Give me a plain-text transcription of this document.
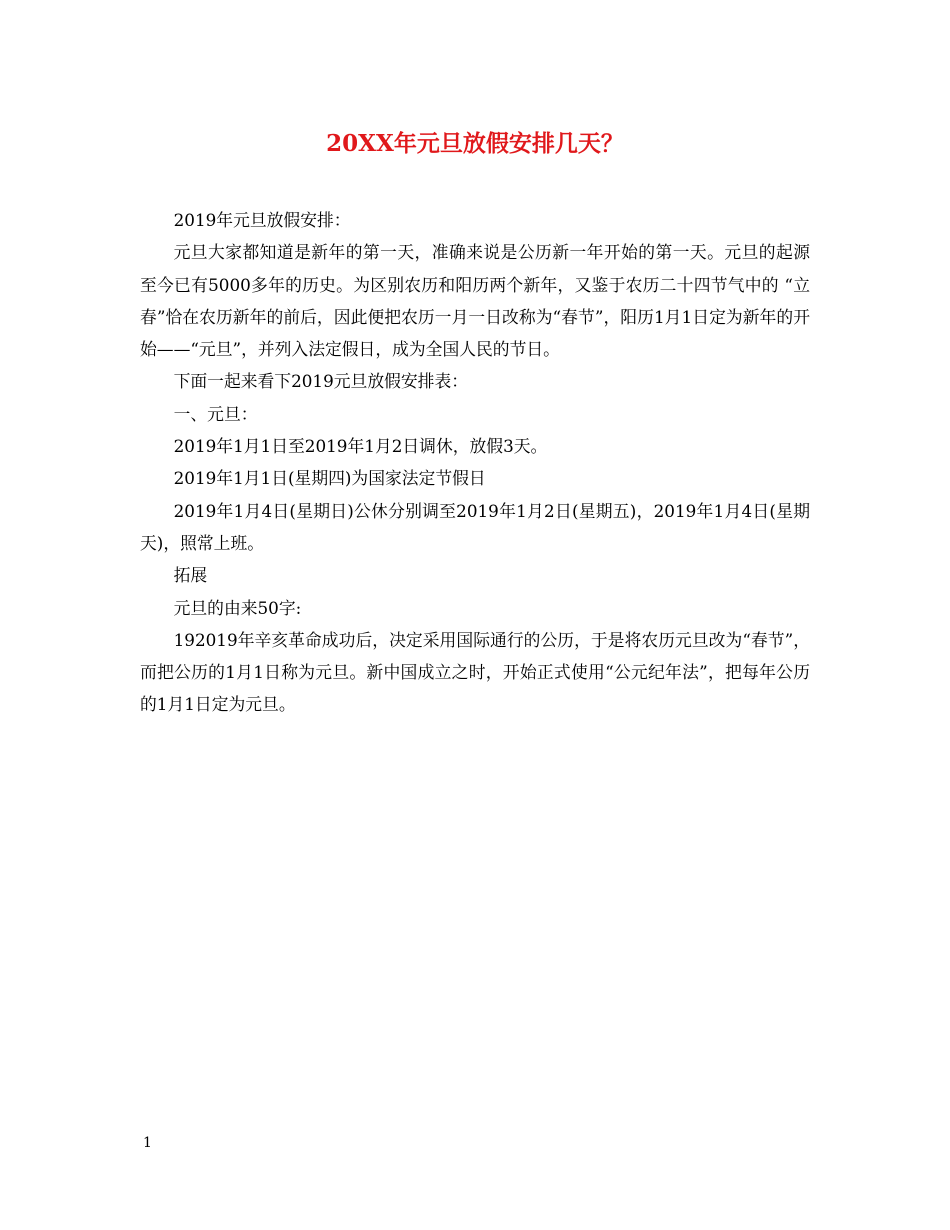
20XX年元旦放假安排几天？

2019年元旦放假安排：

元旦大家都知道是新年的第一天，准确来说是公历新一年开始的第一天。元旦的起源至今已有5000多年的历史。为区别农历和阳历两个新年，又鉴于农历二十四节气中的 “立春”恰在农历新年的前后，因此便把农历一月一日改称为“春节”，阳历1月1日定为新年的开始——“元旦”，并列入法定假日，成为全国人民的节日。

下面一起来看下2019元旦放假安排表：

一、元旦：

2019年1月1日至2019年1月2日调休，放假3天。

2019年1月1日(星期四)为国家法定节假日

2019年1月4日(星期日)公休分别调至2019年1月2日(星期五)，2019年1月4日(星期天)，照常上班。

拓展

元旦的由来50字:

192019年辛亥革命成功后，决定采用国际通行的公历，于是将农历元旦改为“春节”，而把公历的1月1日称为元旦。新中国成立之时，开始正式使用“公元纪年法”，把每年公历的1月1日定为元旦。

1
